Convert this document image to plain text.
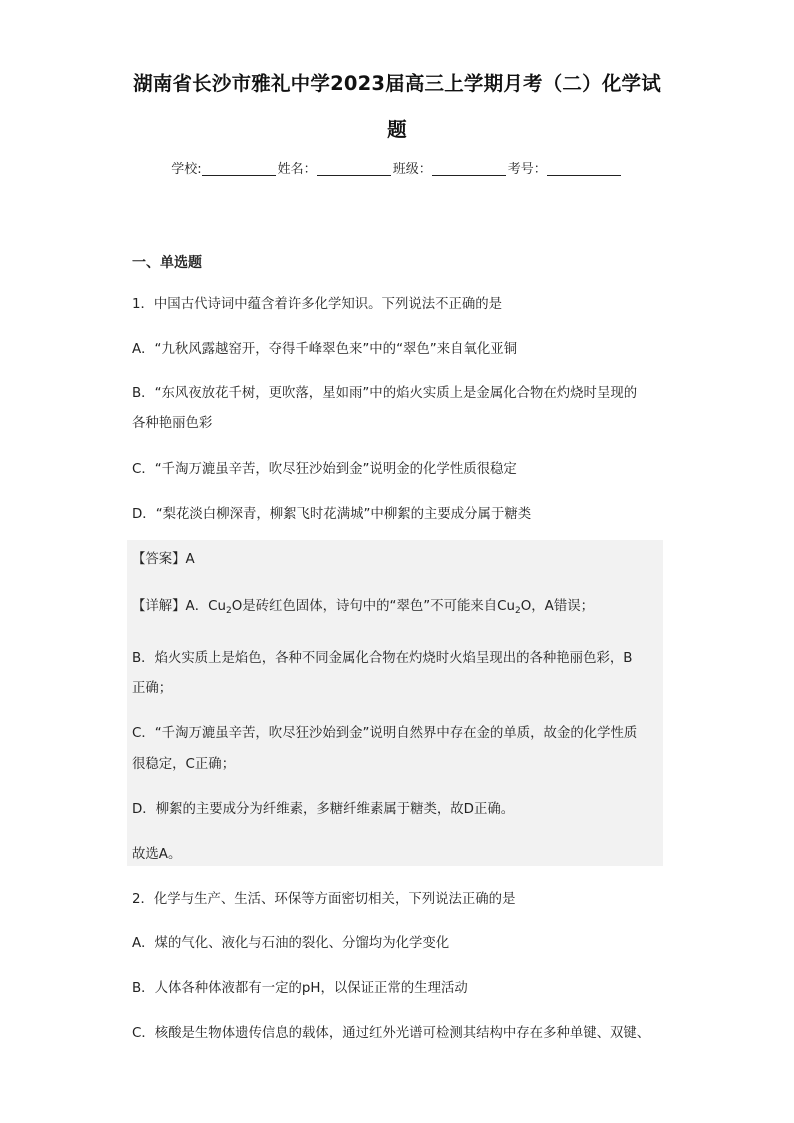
湖南省长沙市雅礼中学2023届高三上学期月考（二）化学试
题
学校:	姓名：	班级：	考号：
一、单选题
1．中国古代诗词中蕴含着许多化学知识。下列说法不正确的是
A．“九秋风露越窑开，夺得千峰翠色来”中的“翠色”来自氧化亚铜
B．“东风夜放花千树，更吹落，星如雨”中的焰火实质上是金属化合物在灼烧时呈现的
各种艳丽色彩
C．“千淘万漉虽辛苦，吹尽狂沙始到金”说明金的化学性质很稳定
D．“梨花淡白柳深青，柳絮飞时花满城”中柳絮的主要成分属于糖类
【答案】A
【详解】A．$Cu_2O$是砖红色固体，诗句中的“翠色”不可能来自$Cu_2O$，A错误；
B．焰火实质上是焰色，各种不同金属化合物在灼烧时火焰呈现出的各种艳丽色彩，B
正确；
C．“千淘万漉虽辛苦，吹尽狂沙始到金”说明自然界中存在金的单质，故金的化学性质
很稳定，C正确；
D．柳絮的主要成分为纤维素，多糖纤维素属于糖类，故D正确。
故选A。
2．化学与生产、生活、环保等方面密切相关，下列说法正确的是
A．煤的气化、液化与石油的裂化、分馏均为化学变化
B．人体各种体液都有一定的pH，以保证正常的生理活动
C．核酸是生物体遗传信息的载体，通过红外光谱可检测其结构中存在多种单键、双键、
